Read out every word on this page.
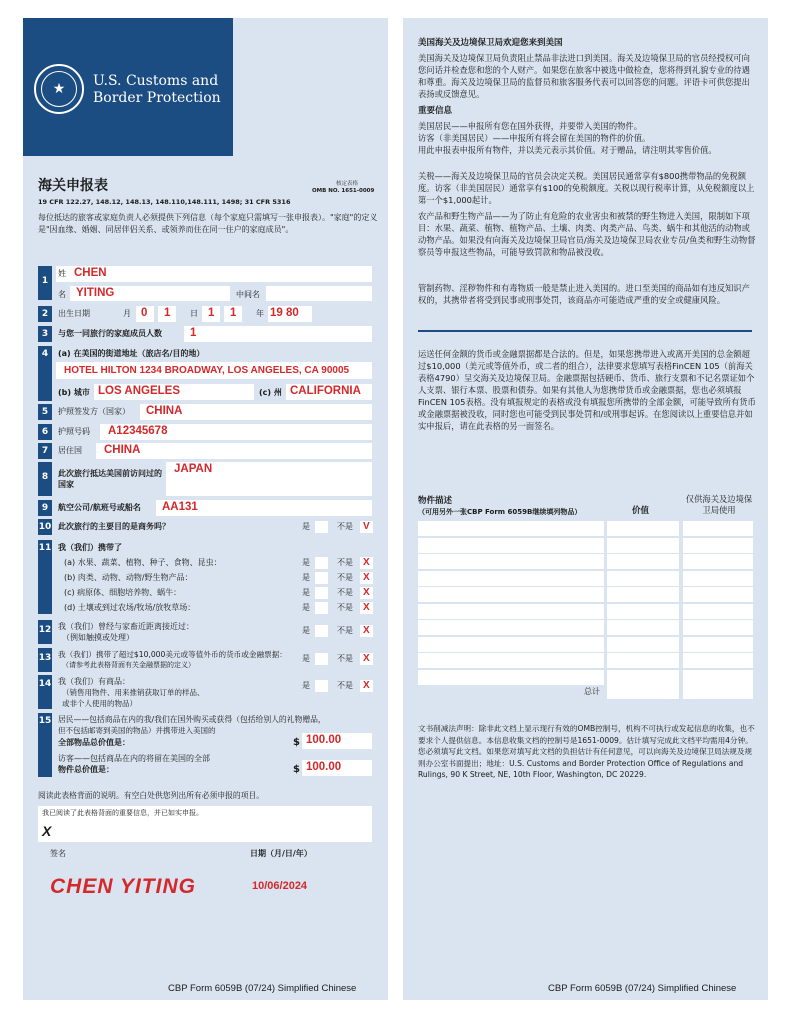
★	U.S. Customs and
Border Protection
海关申报表	核定表格
OMB NO. 1651-0009
19 CFR 122.27, 148.12, 148.13, 148.110,148.111, 1498; 31 CFR 5316
每位抵达的旅客或家庭负责人必须提供下列信息（每个家庭只需填写一张申报表）。"家庭"的定义是"因血缘、婚姻、同居伴侣关系、或领养而住在同一住户的家庭成员"。
1
姓 CHEN
名 YITING	中间名
2	出生日期	月 0 1 日 1 1 年 19 80
3	与您一同旅行的家庭成员人数 1
4	(a) 在美国的街道地址（旅店名/目的地）
HOTEL HILTON 1234 BROADWAY, LOS ANGELES, CA 90005
(b) 城市 LOS ANGELES	(c) 州 CALIFORNIA
5	护照签发方（国家） CHINA
6	护照号码 A12345678
7	居住国 CHINA
8	此次旅行抵达美国前访问过的国家
JAPAN
9	航空公司/航班号或船名 AA131
10 此次旅行的主要目的是商务吗？	是	不是 V
11 我（我们）携带了
(a) 水果、蔬菜、植物、种子、食物、昆虫：	是	不是 X
(b) 肉类、动物、动物/野生物产品：	是	不是 X
(c) 病原体、细胞培养物、蜗牛：	是	不是 X
(d) 土壤或到过农场/牧场/放牧草场：	是	不是 X
12 我（我们）曾经与家畜近距离接近过：
（例如触摸或处理）
是	不是 X
13 我（我们）携带了超过$10,000美元或等值外币的货币或金融票据：
（请参考此表格背面有关金融票据的定义）
是	不是 X
14 我（我们）有商品：
（销售用物件、用来推销获取订单的样品、
或非个人使用的物品）
是	不是 X
15 居民——包括商品在内的我/我们在国外购买或获得（包括给别人的礼物赠品，
但不包括邮寄到美国的物品）并携带进入美国的
全部物品总价值是：	$ 100.00
访客——包括商品在内的将留在美国的全部
物件总价值是：	$ 100.00
阅读此表格背面的说明。有空白处供您列出所有必须申报的项目。
我已阅读了此表格背面的重要信息，并已如实申报。
X
签名	日期（月/日/年）
CHEN YITING	10/06/2024
CBP Form 6059B (07/24) Simplified Chinese
美国海关及边境保卫局欢迎您来到美国
美国海关及边境保卫局负责阻止禁品非法进口到美国。海关及边境保卫局的官员经授权可向您问话并检查您和您的个人财产。如果您在旅客中被选中做检查，您将得到礼貌专业的待遇和尊重。海关及边境保卫局的监督员和旅客服务代表可以回答您的问题。评语卡可供您提出表扬或反馈意见。
重要信息
美国居民——申报所有您在国外获得，并要带入美国的物件。
访客（非美国居民）——申报所有将会留在美国的物件的价值。
用此申报表申报所有物件，并以美元表示其价值。对于赠品，请注明其零售价值。
关税——海关及边境保卫局的官员会决定关税。美国居民通常享有$800携带物品的免税额度。访客（非美国居民）通常享有$100的免税额度。关税以现行税率计算，从免税额度以上第一个$1,000起计。
农产品和野生物产品——为了防止有危险的农业害虫和被禁的野生物进入美国，限制如下项目：水果、蔬菜、植物、植物产品、土壤、肉类、肉类产品、鸟类、蜗牛和其他活的动物或动物产品。如果没有向海关及边境保卫局官员/海关及边境保卫局农业专员/鱼类和野生动物督察员等申报这些物品，可能导致罚款和物品被没收。
管制药物、淫秽物件和有毒物质一般是禁止进入美国的。进口至美国的商品如有违反知识产权的，其携带者将受到民事或刑事处罚，该商品亦可能造成严重的安全或健康风险。
运送任何金额的货币或金融票据都是合法的。但是，如果您携带进入或离开美国的总金额超过$10,000（美元或等值外币，或二者的组合），法律要求您填写表格FinCEN 105（前海关表格4790）呈交海关及边境保卫局。金融票据包括硬币、货币、旅行支票和不记名票证如个人支票、银行本票、股票和债券。如果有其他人为您携带货币或金融票据，您也必须填报FinCEN 105表格。没有填报规定的表格或没有填报您所携带的全部金额，可能导致所有货币或金融票据被没收，同时您也可能受到民事处罚和/或刑事起诉。在您阅读以上重要信息并如实申报后，请在此表格的另一面签名。
物件描述
（可用另外一张CBP Form 6059B继续填列物品）	价值
仅供海关及边境保卫局使用
总计
文书削减法声明：除非此文档上显示现行有效的OMB控制号，机构不可执行或发起信息的收集，也不要求个人提供信息。本信息收集文档的控制号是1651-0009。估计填写完成此文档平均需用4分钟。您必须填写此文档。如果您对填写此文档的负担估计有任何意见，可以向海关及边境保卫局法规及规则办公室书面提出；地址：U.S. Customs and Border Protection Office of Regulations and Rulings, 90 K Street, NE, 10th Floor, Washington, DC 20229.
CBP Form 6059B (07/24) Simplified Chinese
